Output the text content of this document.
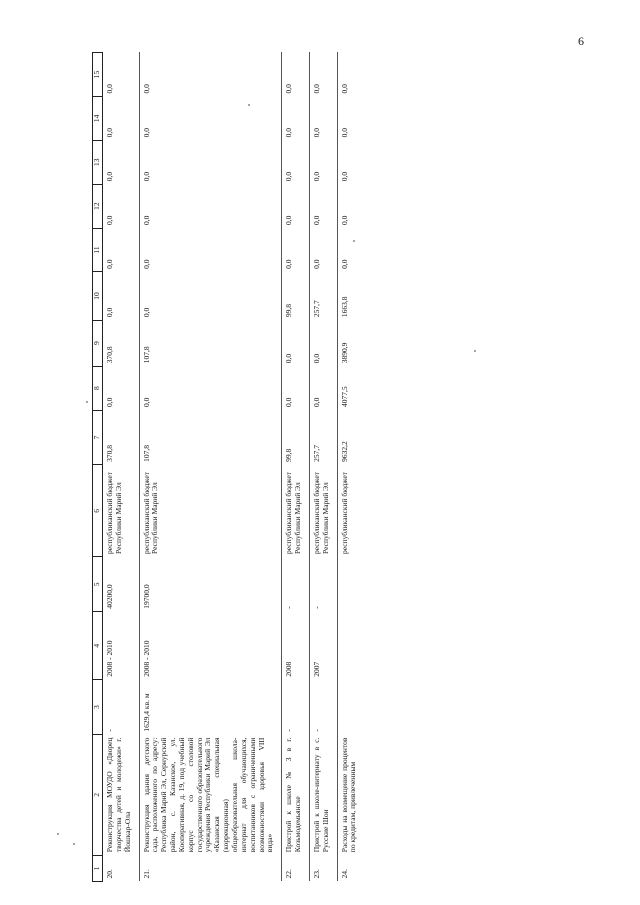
6
1	2	3	4	5	6	7	8	9	10	11	12	13	14	15
20.	Реконструкция МОУДО «Дворец творчества детей и молодежи» г. Йошкар-Ола	-	2008 - 2010	40200,0	республиканский бюджет Республики Марий Эл	370,8	0,0	370,8	0,0	0,0	0,0	0,0	0,0	0,0
21.	Реконструкция здания детского сада, расположенного по адресу: Республика Марий Эл, Сернурский район, с. Казанское, ул. Кооперативная, д. 19, под учебный корпус со столовой государственного образовательного учреждения Республики Марий Эл «Казанская специальная (коррекционная) общеобразовательная школа-интернат для обучающихся, воспитанников с ограниченными возможностями здоровья VIII вида»	1629,4 кв. м	2008 - 2010	19700,0	республиканский бюджет Республики Марий Эл	107,8	0,0	107,8	0,0	0,0	0,0	0,0	0,0	0,0
22.	Пристрой к школе № 3 в г. Козьмодемьянске	-	2008	-	республиканский бюджет Республики Марий Эл	99,8	0,0	0,0	99,8	0,0	0,0	0,0	0,0	0,0
23.	Пристрой к школе-интернату в с. Русские Шои	-	2007	-	республиканский бюджет Республики Марий Эл	257,7	0,0	0,0	257,7	0,0	0,0	0,0	0,0	0,0
24.	Расходы на возмещение процентов по кредитам, привлеченным				республиканский бюджет	9632,2	4077,5	3890,9	1663,8	0,0	0,0	0,0	0,0	0,0
